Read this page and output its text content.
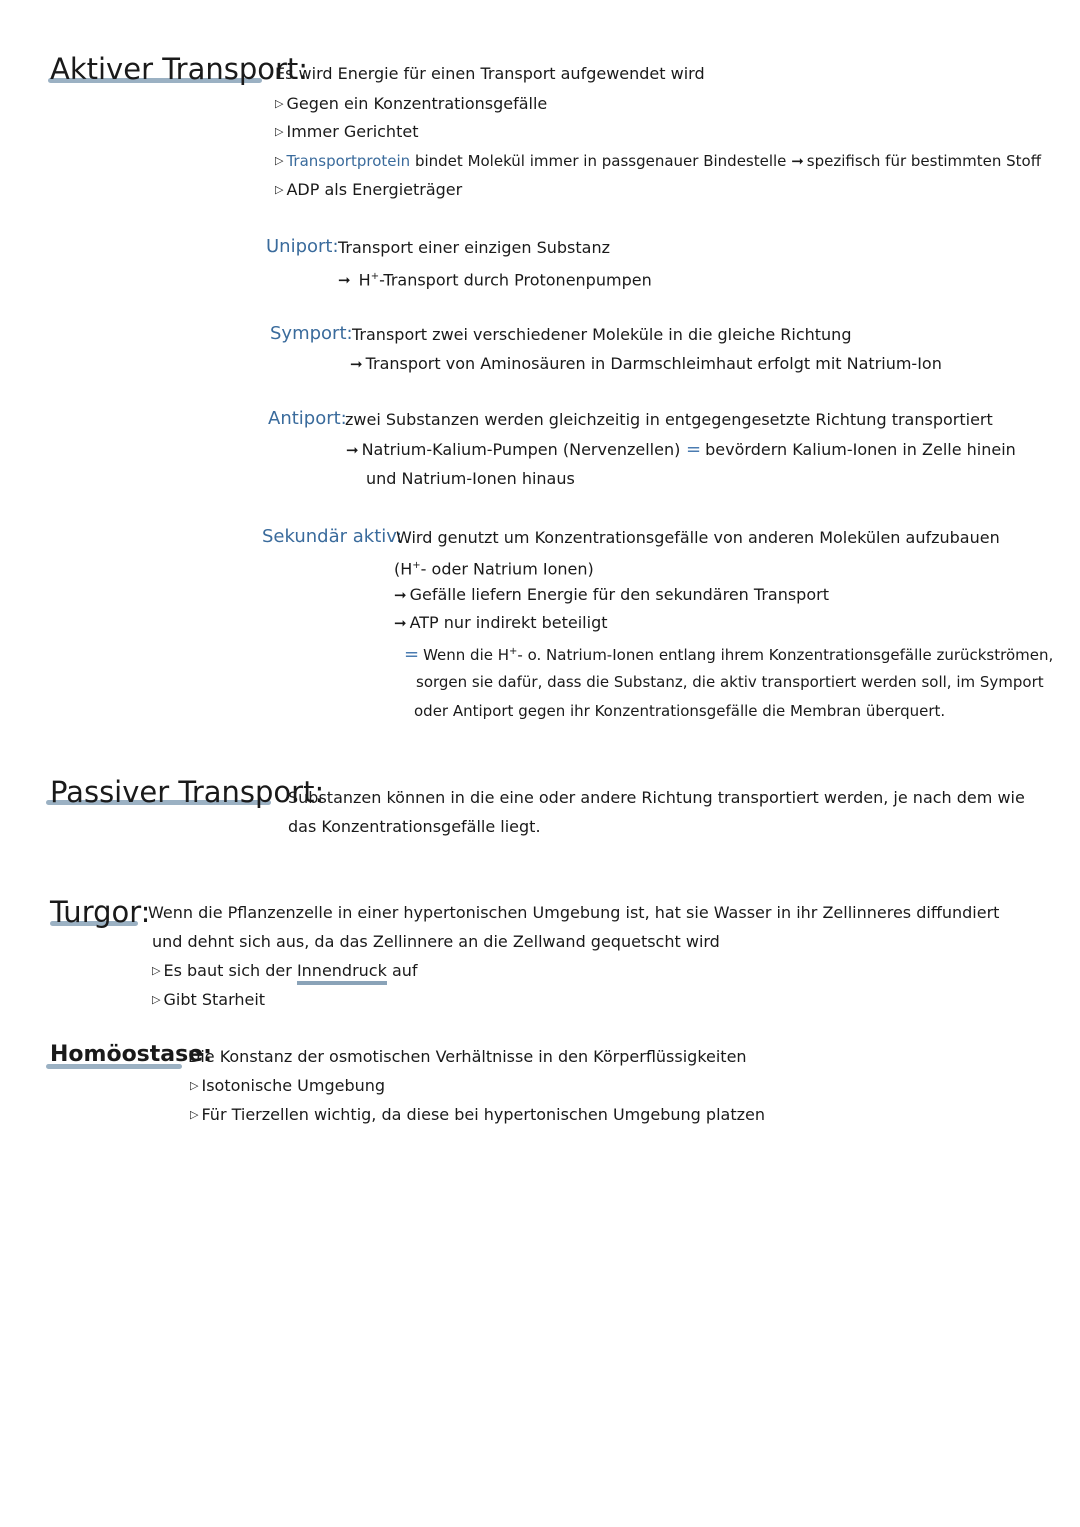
Aktiver Transport:
Es wird Energie für einen Transport aufgewendet wird
▷ Gegen ein Konzentrationsgefälle
▷ Immer Gerichtet
▷ Transportprotein bindet Molekül immer in passgenauer Bindestelle ➞ spezifisch für bestimmten Stoff
▷ ADP als Energieträger
Uniport: Transport einer einzigen Substanz
➞ H+-Transport durch Protonenpumpen
Symport: Transport zwei verschiedener Moleküle in die gleiche Richtung
➞ Transport von Aminosäuren in Darmschleimhaut erfolgt mit Natrium-Ion
Antiport:
zwei Substanzen werden gleichzeitig in entgegengesetzte Richtung transportiert
➞ Natrium-Kalium-Pumpen (Nervenzellen) = bevördern Kalium-Ionen in Zelle hinein
und Natrium-Ionen hinaus
Sekundär aktiv:
Wird genutzt um Konzentrationsgefälle von anderen Molekülen aufzubauen
(H+- oder Natrium Ionen)
➞ Gefälle liefern Energie für den sekundären Transport
➞ ATP nur indirekt beteiligt
= Wenn die H+- o. Natrium-Ionen entlang ihrem Konzentrationsgefälle zurückströmen,
sorgen sie dafür, dass die Substanz, die aktiv transportiert werden soll, im Symport
oder Antiport gegen ihr Konzentrationsgefälle die Membran überquert.
Passiver Transport:
Substanzen können in die eine oder andere Richtung transportiert werden, je nach dem wie
das Konzentrationsgefälle liegt.
Turgor:
Wenn die Pflanzenzelle in einer hypertonischen Umgebung ist, hat sie Wasser in ihr Zellinneres diffundiert
und dehnt sich aus, da das Zellinnere an die Zellwand gequetscht wird
▷ Es baut sich der Innendruck auf
▷ Gibt Starheit
Homöostase:
Die Konstanz der osmotischen Verhältnisse in den Körperflüssigkeiten
▷ Isotonische Umgebung
▷ Für Tierzellen wichtig, da diese bei hypertonischen Umgebung platzen
